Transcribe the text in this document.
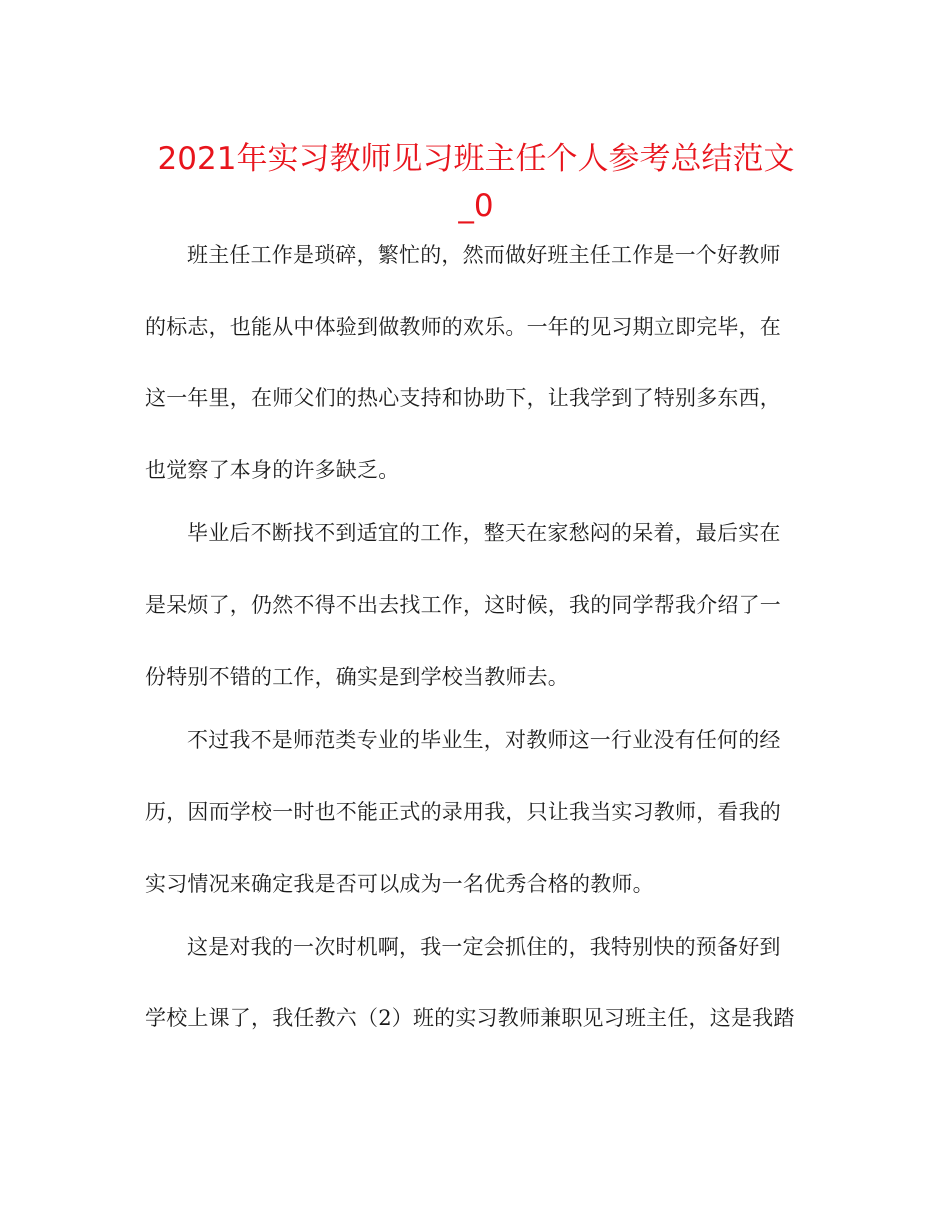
2021年实习教师见习班主任个人参考总结范文
_0
班主任工作是琐碎，繁忙的，然而做好班主任工作是一个好教师
的标志，也能从中体验到做教师的欢乐。一年的见习期立即完毕，在
这一年里，在师父们的热心支持和协助下，让我学到了特别多东西，
也觉察了本身的许多缺乏。
毕业后不断找不到适宜的工作，整天在家愁闷的呆着，最后实在
是呆烦了，仍然不得不出去找工作，这时候，我的同学帮我介绍了一
份特别不错的工作，确实是到学校当教师去。
不过我不是师范类专业的毕业生，对教师这一行业没有任何的经
历，因而学校一时也不能正式的录用我，只让我当实习教师，看我的
实习情况来确定我是否可以成为一名优秀合格的教师。
这是对我的一次时机啊，我一定会抓住的，我特别快的预备好到
学校上课了，我任教六（2）班的实习教师兼职见习班主任，这是我踏
